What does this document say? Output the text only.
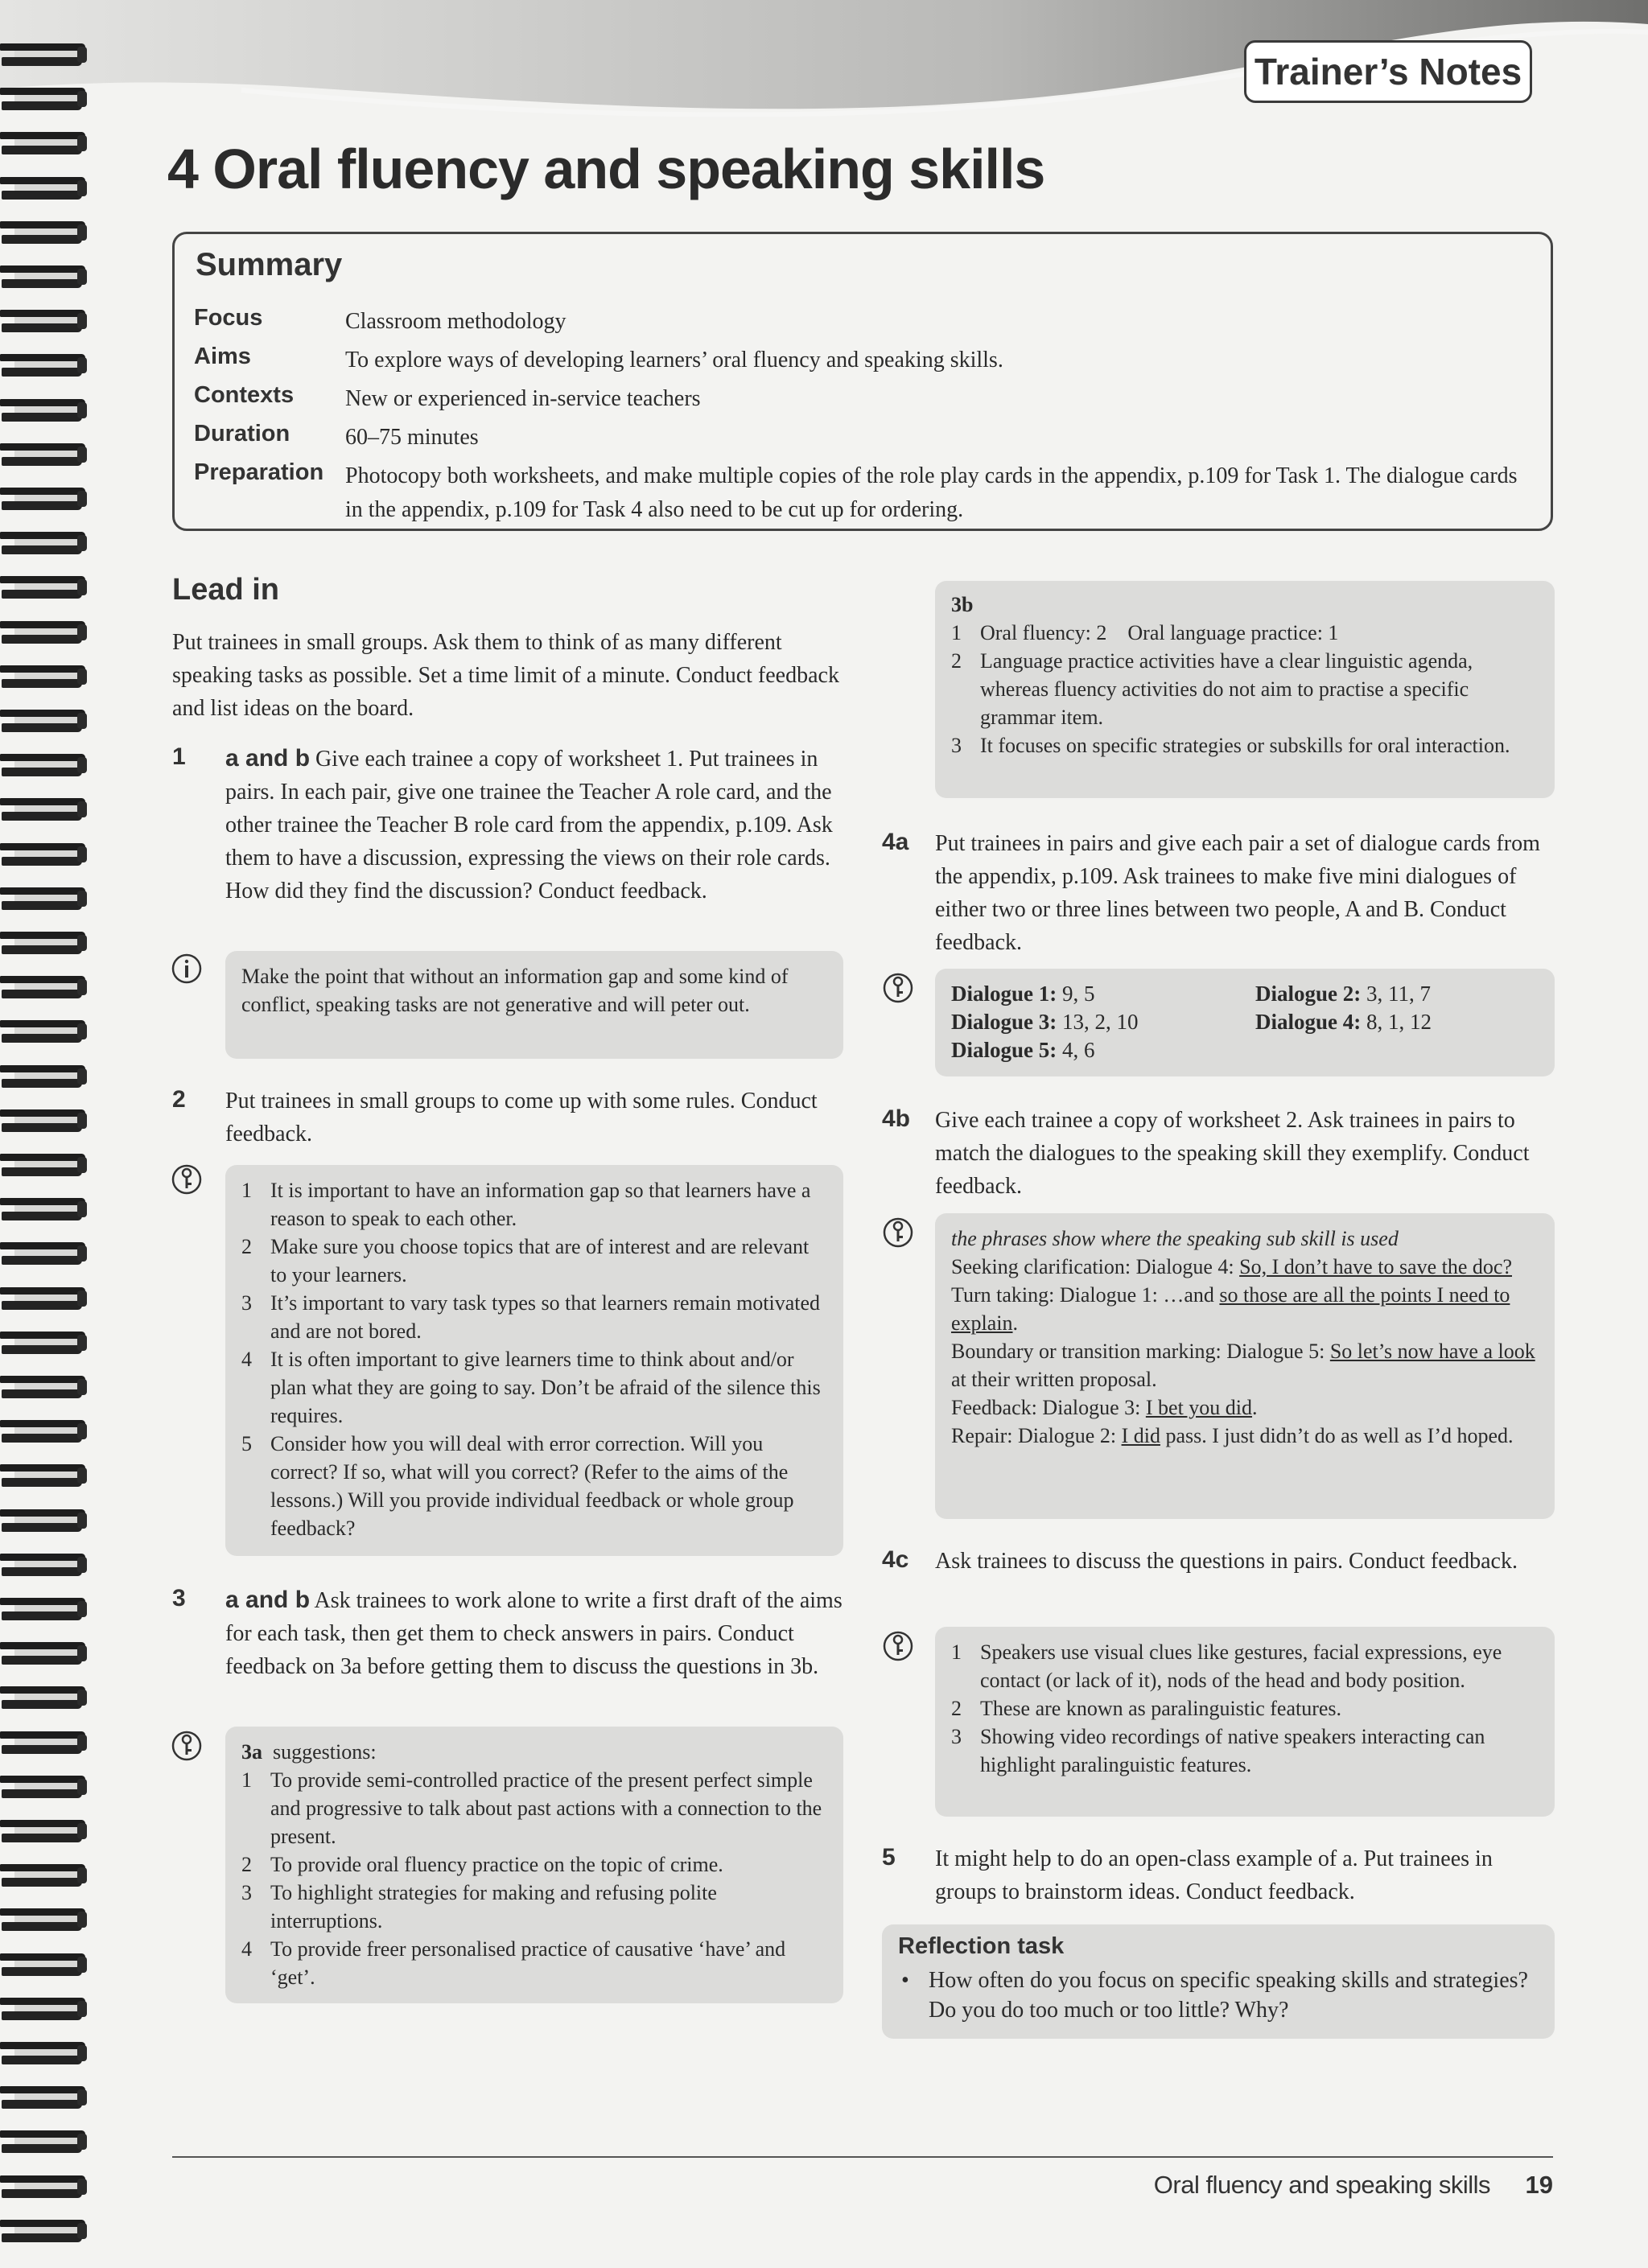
Trainer’s Notes
4 Oral fluency and speaking skills
Summary
Focus	Classroom methodology
Aims	To explore ways of developing learners’ oral fluency and speaking skills.
Contexts New or experienced in-service teachers
Duration 60–75 minutes
Preparation Photocopy both worksheets, and make multiple copies of the role play cards in the appendix, p.109 for Task 1. The dialogue cards in the appendix, p.109 for Task 4 also need to be cut up for ordering.
Lead in
Put trainees in small groups. Ask them to think of as many different speaking tasks as possible. Set a time limit of a minute. Conduct feedback and list ideas on the board.
1 a and b Give each trainee a copy of worksheet 1. Put trainees in pairs. In each pair, give one trainee the Teacher A role card, and the other trainee the Teacher B role card from the appendix, p.109. Ask them to have a discussion, expressing the views on their role cards. How did they find the discussion? Conduct feedback.
Make the point that without an information gap and some kind of conflict, speaking tasks are not generative and will peter out.
2 Put trainees in small groups to come up with some rules. Conduct feedback.
1 It is important to have an information gap so that learners have a reason to speak to each other.
2 Make sure you choose topics that are of interest and are relevant to your learners.
3 It’s important to vary task types so that learners remain motivated and are not bored.
4 It is often important to give learners time to think about and/or plan what they are going to say. Don’t be afraid of the silence this requires.
5 Consider how you will deal with error correction. Will you correct? If so, what will you correct? (Refer to the aims of the lessons.) Will you provide individual feedback or whole group feedback?
3 a and b Ask trainees to work alone to write a first draft of the aims for each task, then get them to check answers in pairs. Conduct feedback on 3a before getting them to discuss the questions in 3b.
3a suggestions:
1 To provide semi-controlled practice of the present perfect simple and progressive to talk about past actions with a connection to the present.
2 To provide oral fluency practice on the topic of crime.
3 To highlight strategies for making and refusing polite interruptions.
4 To provide freer personalised practice of causative ‘have’ and ‘get’.
3b
1 Oral fluency: 2    Oral language practice: 1
2 Language practice activities have a clear linguistic agenda, whereas fluency activities do not aim to practise a specific grammar item.
3 It focuses on specific strategies or subskills for oral interaction.
4a Put trainees in pairs and give each pair a set of dialogue cards from the appendix, p.109. Ask trainees to make five mini dialogues of either two or three lines between two people, A and B. Conduct feedback.
Dialogue 1: 9, 5	Dialogue 2: 3, 11, 7
Dialogue 3: 13, 2, 10	Dialogue 4: 8, 1, 12
Dialogue 5: 4, 6
4b Give each trainee a copy of worksheet 2. Ask trainees in pairs to match the dialogues to the speaking skill they exemplify. Conduct feedback.
the phrases show where the speaking sub skill is used
Seeking clarification: Dialogue 4: So, I don’t have to save the doc?
Turn taking: Dialogue 1: …and so those are all the points I need to explain.
Boundary or transition marking: Dialogue 5: So let’s now have a look at their written proposal.
Feedback: Dialogue 3: I bet you did.
Repair: Dialogue 2: I did pass. I just didn’t do as well as I’d hoped.
4c Ask trainees to discuss the questions in pairs. Conduct feedback.
1 Speakers use visual clues like gestures, facial expressions, eye contact (or lack of it), nods of the head and body position.
2 These are known as paralinguistic features.
3 Showing video recordings of native speakers interacting can highlight paralinguistic features.
5 It might help to do an open-class example of a. Put trainees in groups to brainstorm ideas. Conduct feedback.
Reflection task
• How often do you focus on specific speaking skills and strategies? Do you do too much or too little? Why?
Oral fluency and speaking skills 19
